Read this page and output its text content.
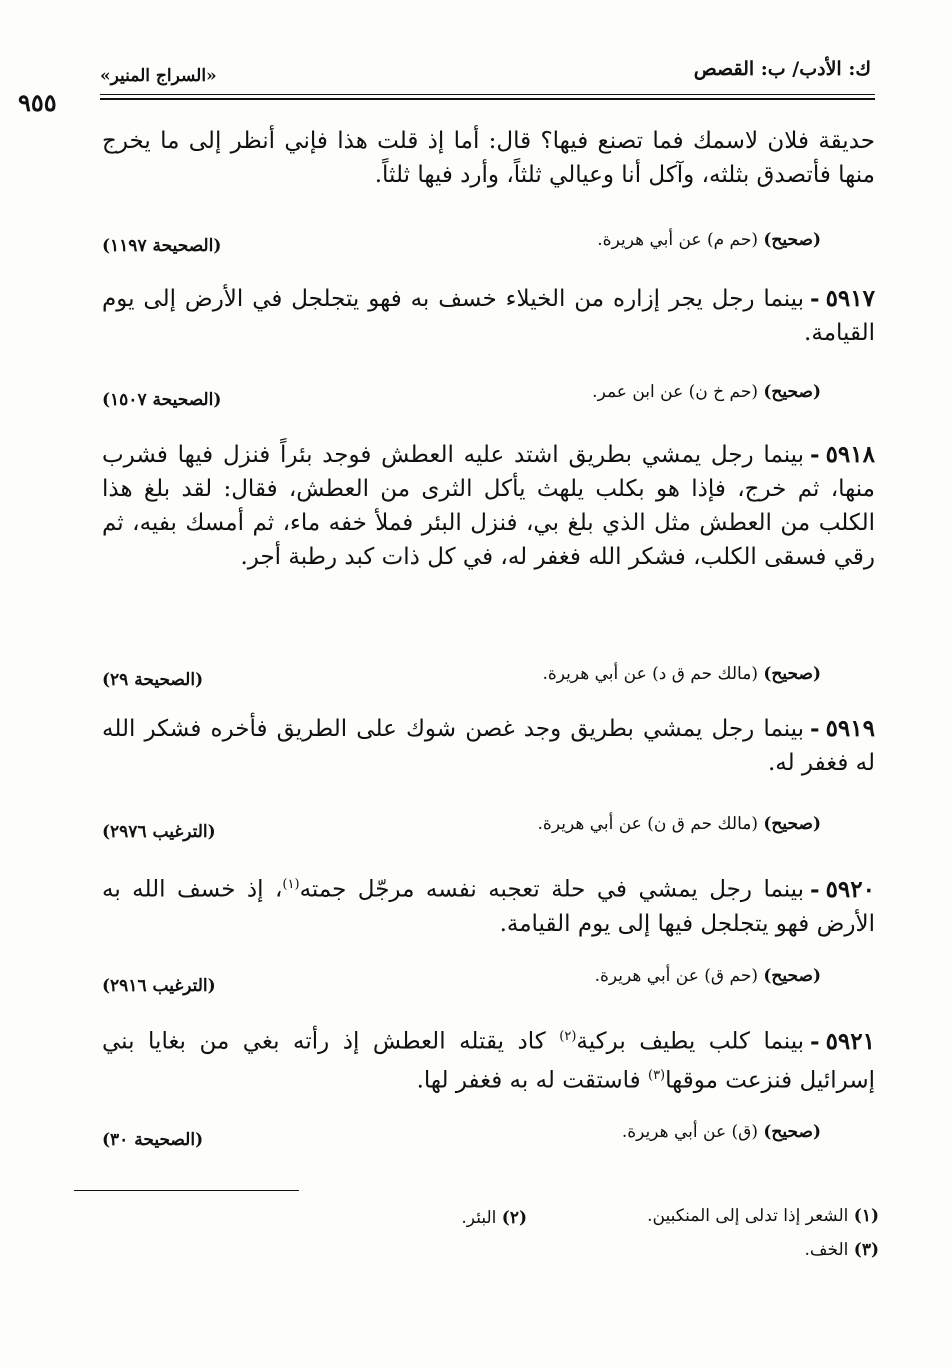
ك: الأدب/ ب: القصص
«السراج المنير»
٩٥٥
حديقة فلان لاسمك فما تصنع فيها؟ قال: أما إذ قلت هذا فإني أنظر إلى ما يخرج منها فأتصدق بثلثه، وآكل أنا وعيالي ثلثاً، وأرد فيها ثلثاً.
(صحيح) (حم م) عن أبي هريرة.
(الصحيحة ١١٩٧)
٥٩١٧-بينما رجل يجر إزاره من الخيلاء خسف به فهو يتجلجل في الأرض إلى يوم القيامة.
(صحيح) (حم خ ن) عن ابن عمر.
(الصحيحة ١٥٠٧)
٥٩١٨-بينما رجل يمشي بطريق اشتد عليه العطش فوجد بئراً فنزل فيها فشرب منها، ثم خرج، فإذا هو بكلب يلهث يأكل الثرى من العطش، فقال: لقد بلغ هذا الكلب من العطش مثل الذي بلغ بي، فنزل البئر فملأ خفه ماء، ثم أمسك بفيه، ثم رقي فسقى الكلب، فشكر الله فغفر له، في كل ذات كبد رطبة أجر.
(صحيح) (مالك حم ق د) عن أبي هريرة.
(الصحيحة ٢٩)
٥٩١٩-بينما رجل يمشي بطريق وجد غصن شوك على الطريق فأخره فشكر الله له فغفر له.
(صحيح) (مالك حم ق ن) عن أبي هريرة.
(الترغيب ٢٩٧٦)
٥٩٢٠-بينما رجل يمشي في حلة تعجبه نفسه مرجّل جمته$^{(١)}$، إذ خسف الله به الأرض فهو يتجلجل فيها إلى يوم القيامة.
(صحيح) (حم ق) عن أبي هريرة.
(الترغيب ٢٩١٦)
٥٩٢١-بينما كلب يطيف بركية$^{(٢)}$ كاد يقتله العطش إذ رأته بغي من بغايا بني إسرائيل فنزعت موقها$^{(٣)}$ فاستقت له به فغفر لها.
(صحيح) (ق) عن أبي هريرة.
(الصحيحة ٣٠)
(١) الشعر إذا تدلى إلى المنكبين.
(٢) البئر.
(٣) الخف.
